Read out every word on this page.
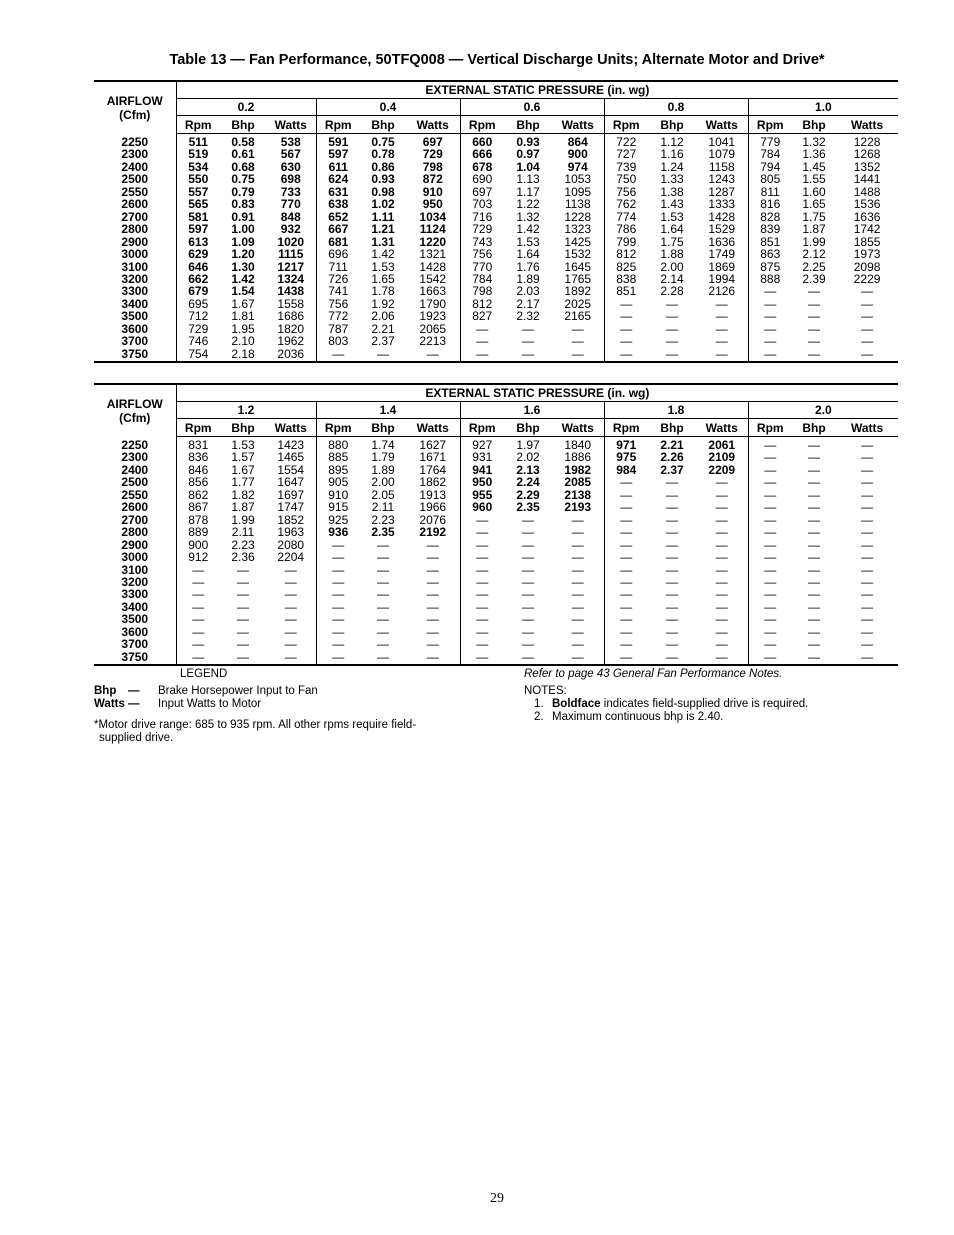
Table 13 — Fan Performance, 50TFQ008 — Vertical Discharge Units; Alternate Motor and Drive*
AIRFLOW
(Cfm)	EXTERNAL STATIC PRESSURE (in. wg)														
	0.2			0.4			0.6			0.8			1.0		
	Rpm	Bhp	Watts	Rpm	Bhp	Watts	Rpm	Bhp	Watts	Rpm	Bhp	Watts	Rpm	Bhp	Watts
2250	511	0.58	538	591	0.75	697	660	0.93	864	722	1.12	1041	779	1.32	1228
2300	519	0.61	567	597	0.78	729	666	0.97	900	727	1.16	1079	784	1.36	1268
2400	534	0.68	630	611	0.86	798	678	1.04	974	739	1.24	1158	794	1.45	1352
2500	550	0.75	698	624	0.93	872	690	1.13	1053	750	1.33	1243	805	1.55	1441
2550	557	0.79	733	631	0.98	910	697	1.17	1095	756	1.38	1287	811	1.60	1488
2600	565	0.83	770	638	1.02	950	703	1.22	1138	762	1.43	1333	816	1.65	1536
2700	581	0.91	848	652	1.11	1034	716	1.32	1228	774	1.53	1428	828	1.75	1636
2800	597	1.00	932	667	1.21	1124	729	1.42	1323	786	1.64	1529	839	1.87	1742
2900	613	1.09	1020	681	1.31	1220	743	1.53	1425	799	1.75	1636	851	1.99	1855
3000	629	1.20	1115	696	1.42	1321	756	1.64	1532	812	1.88	1749	863	2.12	1973
3100	646	1.30	1217	711	1.53	1428	770	1.76	1645	825	2.00	1869	875	2.25	2098
3200	662	1.42	1324	726	1.65	1542	784	1.89	1765	838	2.14	1994	888	2.39	2229
3300	679	1.54	1438	741	1.78	1663	798	2.03	1892	851	2.28	2126	—	—	—
3400	695	1.67	1558	756	1.92	1790	812	2.17	2025	—	—	—	—	—	—
3500	712	1.81	1686	772	2.06	1923	827	2.32	2165	—	—	—	—	—	—
3600	729	1.95	1820	787	2.21	2065	—	—	—	—	—	—	—	—	—
3700	746	2.10	1962	803	2.37	2213	—	—	—	—	—	—	—	—	—
3750	754	2.18	2036	—	—	—	—	—	—	—	—	—	—	—	—
AIRFLOW
(Cfm)	EXTERNAL STATIC PRESSURE (in. wg)														
	1.2			1.4			1.6			1.8			2.0		
	Rpm	Bhp	Watts	Rpm	Bhp	Watts	Rpm	Bhp	Watts	Rpm	Bhp	Watts	Rpm	Bhp	Watts
2250	831	1.53	1423	880	1.74	1627	927	1.97	1840	971	2.21	2061	—	—	—
2300	836	1.57	1465	885	1.79	1671	931	2.02	1886	975	2.26	2109	—	—	—
2400	846	1.67	1554	895	1.89	1764	941	2.13	1982	984	2.37	2209	—	—	—
2500	856	1.77	1647	905	2.00	1862	950	2.24	2085	—	—	—	—	—	—
2550	862	1.82	1697	910	2.05	1913	955	2.29	2138	—	—	—	—	—	—
2600	867	1.87	1747	915	2.11	1966	960	2.35	2193	—	—	—	—	—	—
2700	878	1.99	1852	925	2.23	2076	—	—	—	—	—	—	—	—	—
2800	889	2.11	1963	936	2.35	2192	—	—	—	—	—	—	—	—	—
2900	900	2.23	2080	—	—	—	—	—	—	—	—	—	—	—	—
3000	912	2.36	2204	—	—	—	—	—	—	—	—	—	—	—	—
3100	—	—	—	—	—	—	—	—	—	—	—	—	—	—	—
3200	—	—	—	—	—	—	—	—	—	—	—	—	—	—	—
3300	—	—	—	—	—	—	—	—	—	—	—	—	—	—	—
3400	—	—	—	—	—	—	—	—	—	—	—	—	—	—	—
3500	—	—	—	—	—	—	—	—	—	—	—	—	—	—	—
3600	—	—	—	—	—	—	—	—	—	—	—	—	—	—	—
3700	—	—	—	—	—	—	—	—	—	—	—	—	—	—	—
3750	—	—	—	—	—	—	—	—	—	—	—	—	—	—	—
LEGEND
Bhp	—	Brake Horsepower Input to Fan
Watts —	Input Watts to Motor
*Motor drive range: 685 to 935 rpm. All other rpms require field-
supplied drive.
Refer to page 43 General Fan Performance Notes.
NOTES:
1. Boldface indicates field-supplied drive is required.
2. Maximum continuous bhp is 2.40.
29
